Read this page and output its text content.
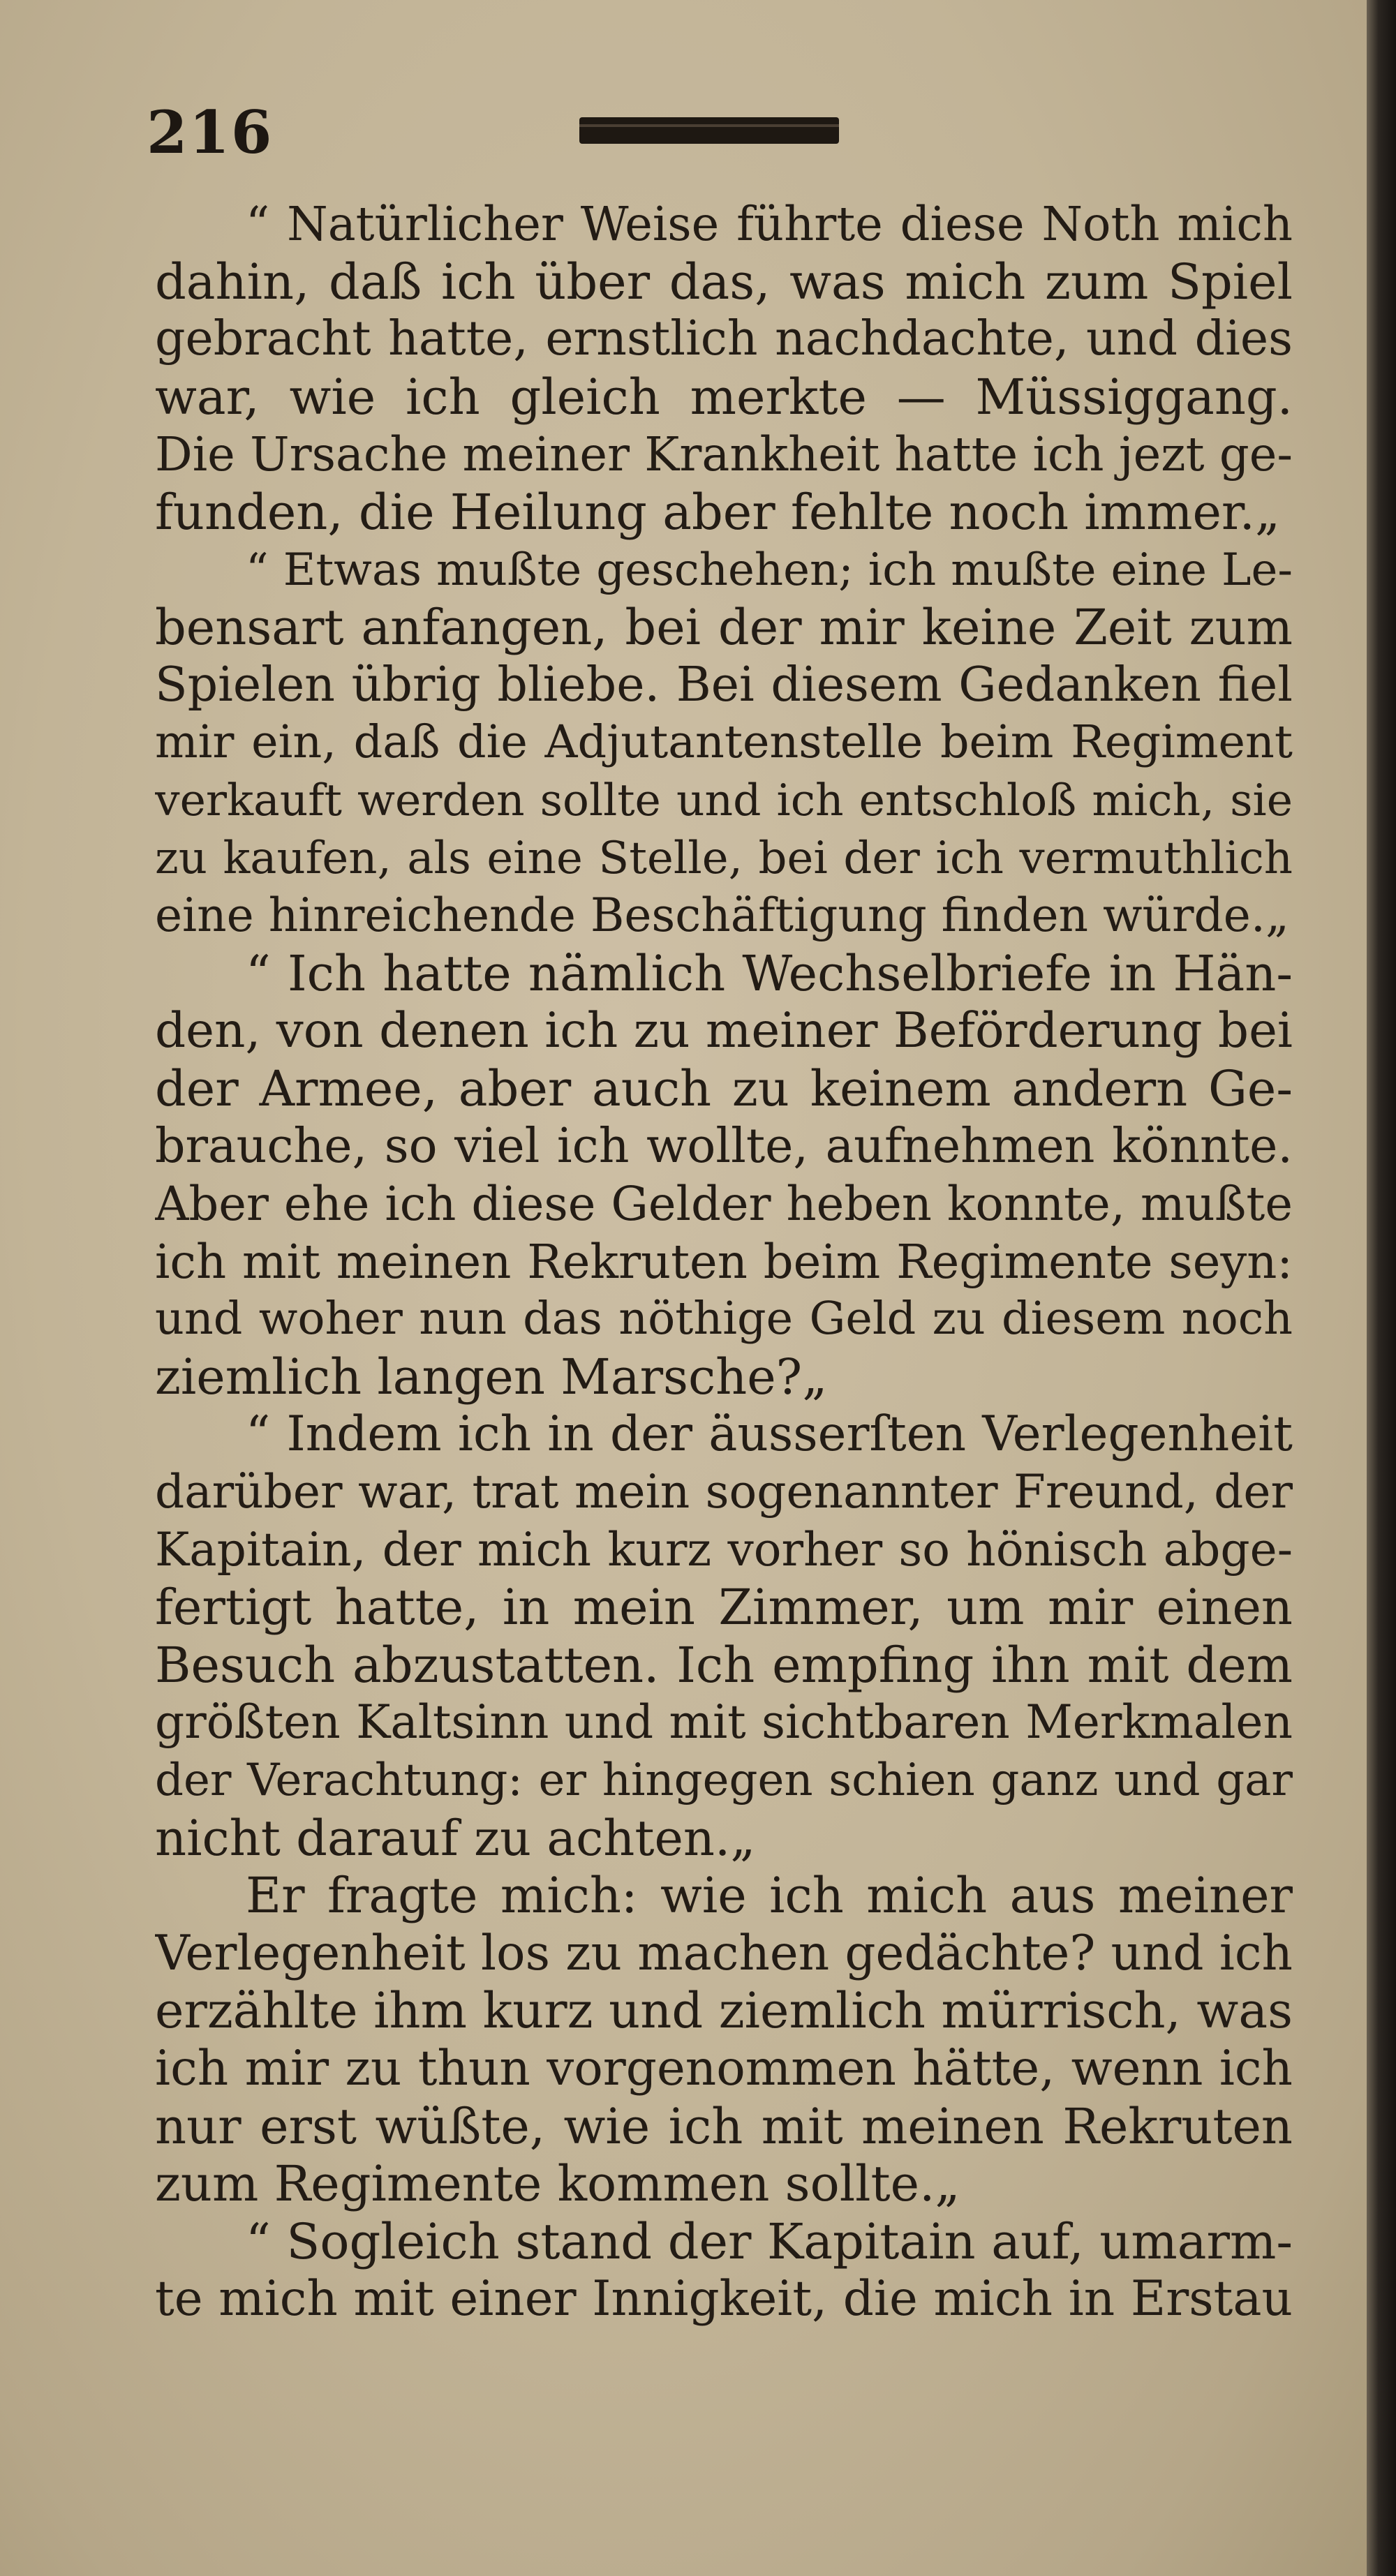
216
“ Natürlicher Weise führte diese Noth mich
dahin, daß ich über das, was mich zum Spiel
gebracht hatte, ernstlich nachdachte, und dies
war, wie ich gleich merkte — Müssiggang.
Die Ursache meiner Krankheit hatte ich jezt ge-
funden, die Heilung aber fehlte noch immer.„
“ Etwas mußte geschehen; ich mußte eine Le-
bensart anfangen, bei der mir keine Zeit zum
Spielen übrig bliebe. Bei diesem Gedanken fiel
mir ein, daß die Adjutantenstelle beim Regiment
verkauft werden sollte und ich entschloß mich, sie
zu kaufen, als eine Stelle, bei der ich vermuthlich
eine hinreichende Beschäftigung finden würde.„
“ Ich hatte nämlich Wechselbriefe in Hän-
den, von denen ich zu meiner Beförderung bei
der Armee, aber auch zu keinem andern Ge-
brauche, so viel ich wollte, aufnehmen könnte.
Aber ehe ich diese Gelder heben konnte, mußte
ich mit meinen Rekruten beim Regimente seyn:
und woher nun das nöthige Geld zu diesem noch
ziemlich langen Marsche?„
“ Indem ich in der äusserſten Verlegenheit
darüber war, trat mein sogenannter Freund, der
Kapitain, der mich kurz vorher so hönisch abge-
fertigt hatte, in mein Zimmer, um mir einen
Besuch abzustatten. Ich empfing ihn mit dem
größten Kaltsinn und mit sichtbaren Merkmalen
der Verachtung: er hingegen schien ganz und gar
nicht darauf zu achten.„
Er fragte mich: wie ich mich aus meiner
Verlegenheit los zu machen gedächte? und ich
erzählte ihm kurz und ziemlich mürrisch, was
ich mir zu thun vorgenommen hätte, wenn ich
nur erst wüßte, wie ich mit meinen Rekruten
zum Regimente kommen sollte.„
“ Sogleich stand der Kapitain auf, umarm-
te mich mit einer Innigkeit, die mich in Erstau
